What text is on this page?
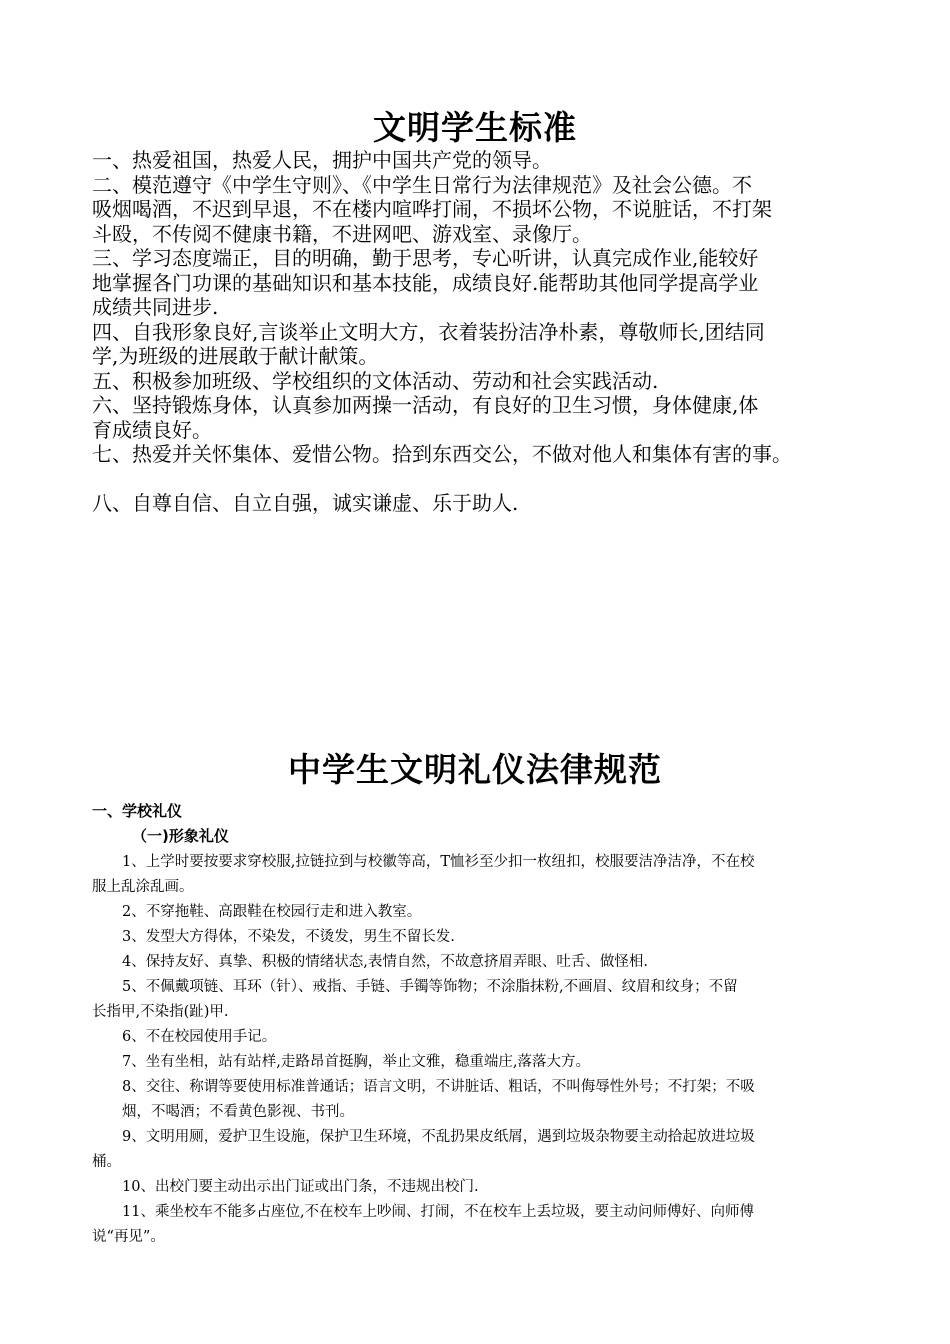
文明学生标准

一、热爱祖国，热爱人民，拥护中国共产党的领导。

二、模范遵守《中学生守则》、《中学生日常行为法律规范》及社会公德。不

吸烟喝酒，不迟到早退，不在楼内喧哗打闹，不损坏公物，不说脏话，不打架

斗殴，不传阅不健康书籍，不进网吧、游戏室、录像厅。

三、学习态度端正，目的明确，勤于思考，专心听讲，认真完成作业,能较好

地掌握各门功课的基础知识和基本技能，成绩良好.能帮助其他同学提高学业

成绩共同进步.

四、自我形象良好,言谈举止文明大方，衣着装扮洁净朴素，尊敬师长,团结同

学,为班级的进展敢于献计献策。

五、积极参加班级、学校组织的文体活动、劳动和社会实践活动.

六、坚持锻炼身体，认真参加两操一活动，有良好的卫生习惯，身体健康,体

育成绩良好。

七、热爱并关怀集体、爱惜公物。拾到东西交公，不做对他人和集体有害的事。

八、自尊自信、自立自强，诚实谦虚、乐于助人.

中学生文明礼仪法律规范
一、学校礼仪
（一)形象礼仪
1、上学时要按要求穿校服,拉链拉到与校徽等高，T恤衫至少扣一枚纽扣，校服要洁净洁净，不在校
服上乱涂乱画。
2、不穿拖鞋、高跟鞋在校园行走和进入教室。
3、发型大方得体，不染发，不烫发，男生不留长发.
4、保持友好、真挚、积极的情绪状态,表情自然，不故意挤眉弄眼、吐舌、做怪相.
5、不佩戴项链、耳环（针）、戒指、手链、手镯等饰物；不涂脂抹粉,不画眉、纹眉和纹身；不留
长指甲,不染指(趾)甲.
6、不在校园使用手记。
7、坐有坐相，站有站样,走路昂首挺胸，举止文雅，稳重端庄,落落大方。
8、交往、称谓等要使用标准普通话；语言文明，不讲脏话、粗话，不叫侮辱性外号；不打架；不吸
烟，不喝酒；不看黄色影视、书刊。
9、文明用厕，爱护卫生设施，保护卫生环境，不乱扔果皮纸屑，遇到垃圾杂物要主动拾起放进垃圾
桶。
10、出校门要主动出示出门证或出门条，不违规出校门.
11、乘坐校车不能多占座位,不在校车上吵闹、打闹，不在校车上丢垃圾，要主动问师傅好、向师傅
说“再见”。
